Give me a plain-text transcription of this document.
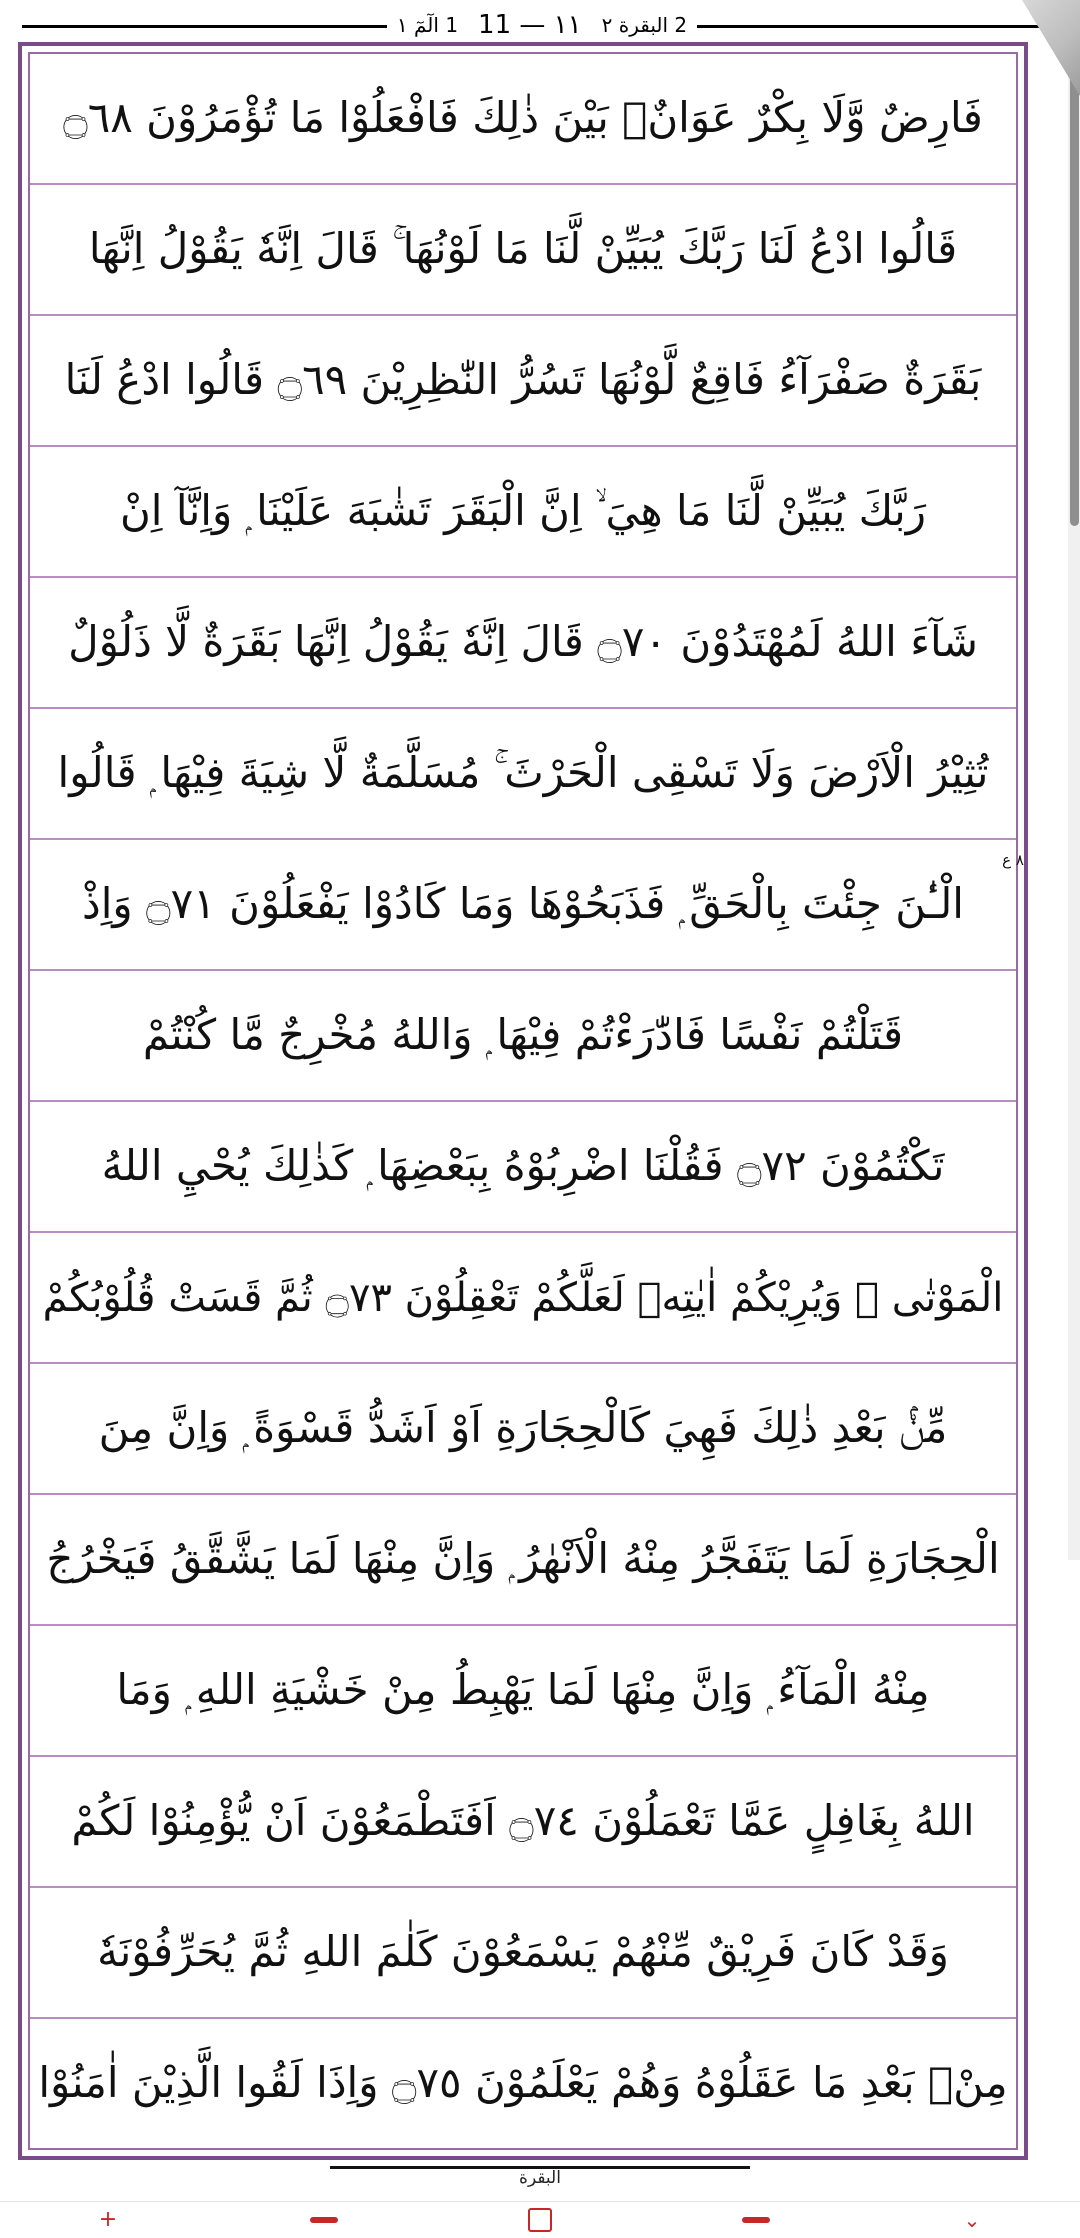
2 البقرة ٢
١١ — 11
1 الٓمٓ ١
فَارِضٌ وَّلَا بِكْرٌ عَوَانٌۢ بَيْنَ ذٰلِكَ فَافْعَلُوْا مَا تُؤْمَرُوْنَ ۝٦٨
قَالُوا ادْعُ لَنَا رَبَّكَ يُبَيِّنْ لَّنَا مَا لَوْنُهَا ۚ قَالَ اِنَّهٗ يَقُوْلُ اِنَّهَا
بَقَرَةٌ صَفْرَآءُ فَاقِعٌ لَّوْنُهَا تَسُرُّ النّٰظِرِيْنَ ۝٦٩ قَالُوا ادْعُ لَنَا
رَبَّكَ يُبَيِّنْ لَّنَا مَا هِيَ ۙ اِنَّ الْبَقَرَ تَشٰبَهَ عَلَيْنَا ۭ وَاِنَّآ اِنْ
شَآءَ اللهُ لَمُهْتَدُوْنَ ۝٧٠ قَالَ اِنَّهٗ يَقُوْلُ اِنَّهَا بَقَرَةٌ لَّا ذَلُوْلٌ
تُثِيْرُ الْاَرْضَ وَلَا تَسْقِى الْحَرْثَ ۚ مُسَلَّمَةٌ لَّا شِيَةَ فِيْهَا ۭ قَالُوا
الْـٰٔنَ جِئْتَ بِالْحَقِّ ۭ فَذَبَحُوْهَا وَمَا كَادُوْا يَفْعَلُوْنَ ۝٧١ وَاِذْ
قَتَلْتُمْ نَفْسًا فَادّٰرَءْتُمْ فِيْهَا ۭ وَاللهُ مُخْرِجٌ مَّا كُنْتُمْ
تَكْتُمُوْنَ ۝٧٢ فَقُلْنَا اضْرِبُوْهُ بِبَعْضِهَا ۭ كَذٰلِكَ يُحْيِ اللهُ
الْمَوْتٰى ۙ وَيُرِيْكُمْ اٰيٰتِهٖ لَعَلَّكُمْ تَعْقِلُوْنَ ۝٧٣ ثُمَّ قَسَتْ قُلُوْبُكُمْ
مِّنْۢ بَعْدِ ذٰلِكَ فَهِيَ كَالْحِجَارَةِ اَوْ اَشَدُّ قَسْوَةً ۭ وَاِنَّ مِنَ
الْحِجَارَةِ لَمَا يَتَفَجَّرُ مِنْهُ الْاَنْهٰرُ ۭ وَاِنَّ مِنْهَا لَمَا يَشَّقَّقُ فَيَخْرُجُ
مِنْهُ الْمَآءُ ۭ وَاِنَّ مِنْهَا لَمَا يَهْبِطُ مِنْ خَشْيَةِ اللهِ ۭ وَمَا
اللهُ بِغَافِلٍ عَمَّا تَعْمَلُوْنَ ۝٧٤ اَفَتَطْمَعُوْنَ اَنْ يُّؤْمِنُوْا لَكُمْ
وَقَدْ كَانَ فَرِيْقٌ مِّنْهُمْ يَسْمَعُوْنَ كَلٰمَ اللهِ ثُمَّ يُحَرِّفُوْنَهٗ
مِنْۢ بَعْدِ مَا عَقَلُوْهُ وَهُمْ يَعْلَمُوْنَ ۝٧٥ وَاِذَا لَقُوا الَّذِيْنَ اٰمَنُوْا
٨ ع
البقرة
+	⌄
